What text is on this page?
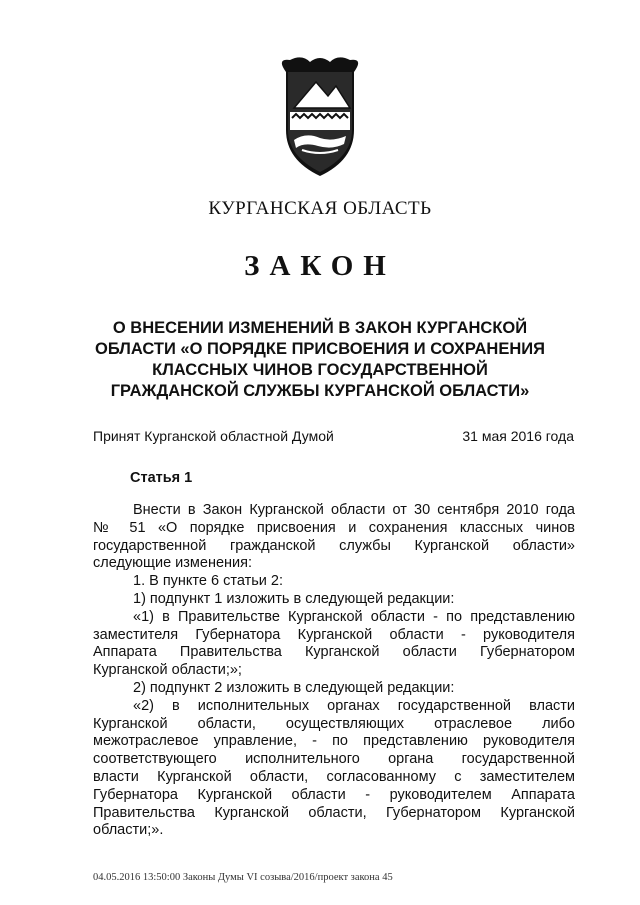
КУРГАНСКАЯ ОБЛАСТЬ
ЗАКОН
О ВНЕСЕНИИ ИЗМЕНЕНИЙ В ЗАКОН КУРГАНСКОЙ
ОБЛАСТИ «О ПОРЯДКЕ ПРИСВОЕНИЯ И СОХРАНЕНИЯ
КЛАССНЫХ ЧИНОВ ГОСУДАРСТВЕННОЙ
ГРАЖДАНСКОЙ СЛУЖБЫ КУРГАНСКОЙ ОБЛАСТИ»
Принят Курганской областной Думой	31 мая 2016 года
Статья 1
Внести в Закон Курганской области от 30 сентября 2010 года
№ 51 «О порядке присвоения и сохранения классных чинов
государственной гражданской службы Курганской области»
следующие изменения:
1. В пункте 6 статьи 2:
1) подпункт 1 изложить в следующей редакции:
«1) в Правительстве Курганской области - по представлению
заместителя Губернатора Курганской области - руководителя
Аппарата Правительства Курганской области Губернатором
Курганской области;»;
2) подпункт 2 изложить в следующей редакции:
«2) в исполнительных органах государственной власти
Курганской области, осуществляющих отраслевое либо
межотраслевое управление, - по представлению руководителя
соответствующего исполнительного органа государственной
власти Курганской области, согласованному с заместителем
Губернатора Курганской области - руководителем Аппарата
Правительства Курганской области, Губернатором Курганской
области;».
04.05.2016 13:50:00 Законы Думы VI созыва/2016/проект закона 45
